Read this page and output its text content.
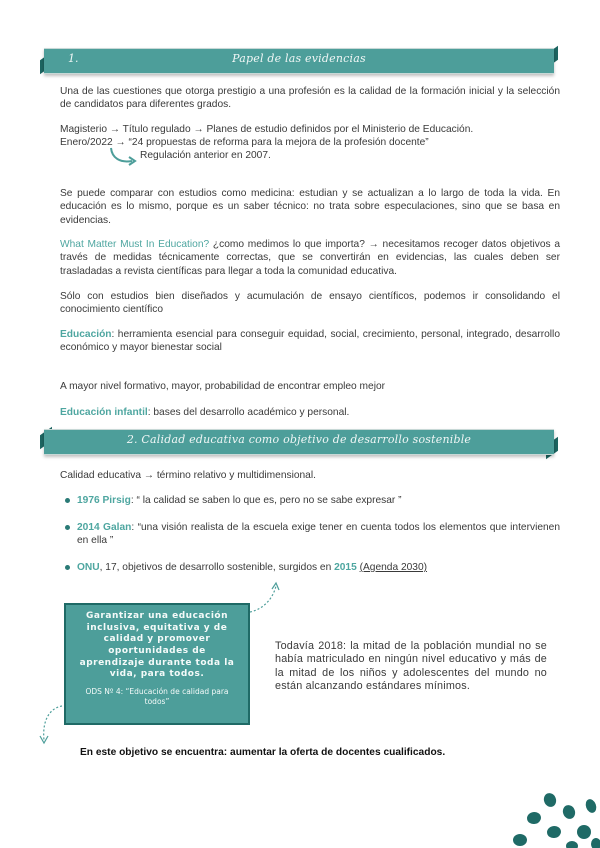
1.	Papel de las evidencias

Una de las cuestiones que otorga prestigio a una profesión es la calidad de la formación inicial y la selección de candidatos para diferentes grados.

Magisterio → Título regulado → Planes de estudio definidos por el Ministerio de Educación.

Enero/2022 → “24 propuestas de reforma para la mejora de la profesión docente”

Regulación anterior en 2007.

Se puede comparar con estudios como medicina: estudian y se actualizan a lo largo de toda la vida. En educación es lo mismo, porque es un saber técnico: no trata sobre especulaciones, sino que se basa en evidencias.

What Matter Must In Education? ¿como medimos lo que importa? → necesitamos recoger datos objetivos a través de medidas técnicamente correctas, que se convertirán en evidencias, las cuales deben ser trasladadas a revista científicas para llegar a toda la comunidad educativa.

Sólo con estudios bien diseñados y acumulación de ensayo científicos, podemos ir consolidando el conocimiento científico

Educación: herramienta esencial para conseguir equidad, social, crecimiento, personal, integrado, desarrollo económico y mayor bienestar social

A mayor nivel formativo, mayor, probabilidad de encontrar empleo mejor

Educación infantil: bases del desarrollo académico y personal.

2. Calidad educativa como objetivo de desarrollo sostenible

Calidad educativa → término relativo y multidimensional.

1976 Pirsig: “ la calidad se saben lo que es, pero no se sabe expresar ”
2014 Galan: “una visión realista de la escuela exige tener en cuenta todos los elementos que intervienen en ella ”
ONU, 17, objetivos de desarrollo sostenible, surgidos en 2015 (Agenda 2030)
Garantizar una educación inclusiva, equitativa y de calidad y promover oportunidades de aprendizaje durante toda la vida, para todos.
ODS Nº 4: “Educación de calidad para todos”

Todavía 2018: la mitad de la población mundial no se había matriculado en ningún nivel educativo y más de la mitad de los niños y adolescentes del mundo no están alcanzando estándares mínimos.

En este objetivo se encuentra: aumentar la oferta de docentes cualificados.
